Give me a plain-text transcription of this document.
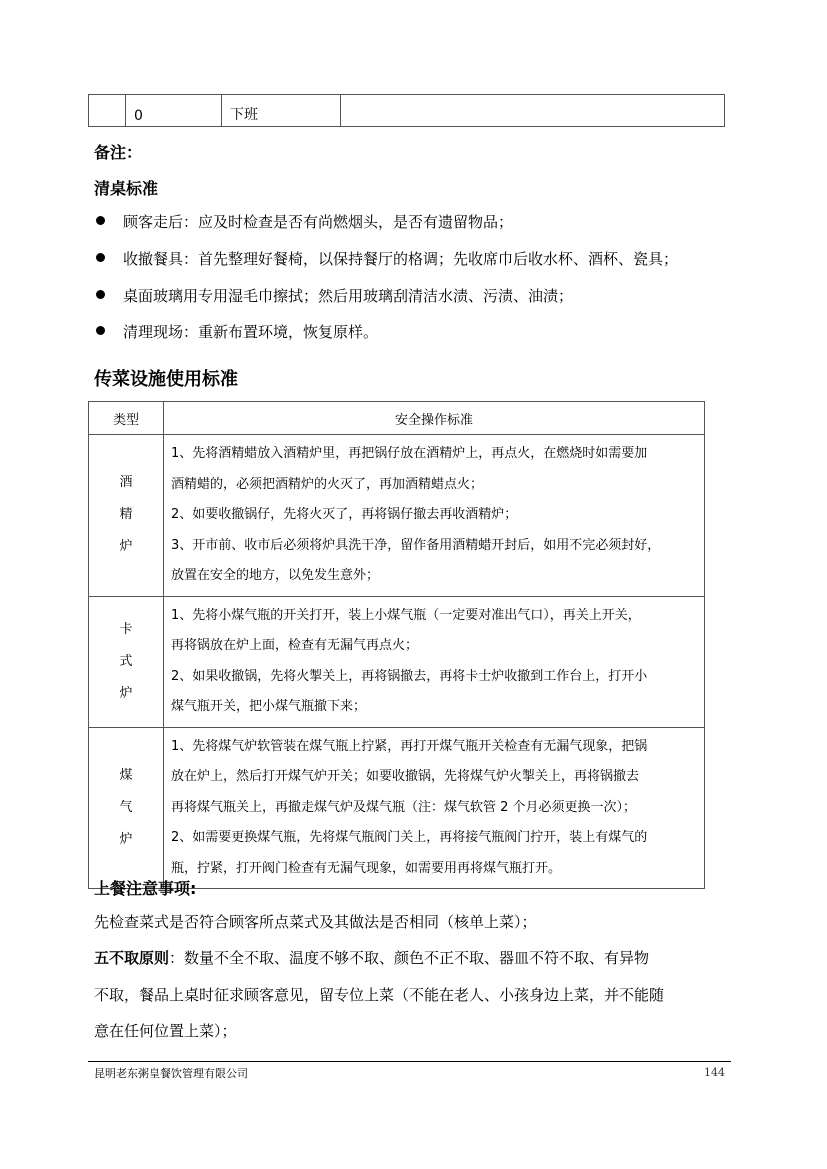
	0	下班	
备注：
清桌标准
顾客走后：应及时检查是否有尚燃烟头，是否有遗留物品；
收撤餐具：首先整理好餐椅，以保持餐厅的格调；先收席巾后收水杯、酒杯、瓷具；
桌面玻璃用专用湿毛巾擦拭；然后用玻璃刮清洁水渍、污渍、油渍；
清理现场：重新布置环境，恢复原样。
传菜设施使用标准
类型	安全操作标准

酒
精
炉	1、先将酒精蜡放入酒精炉里，再把锅仔放在酒精炉上，再点火，在燃烧时如需要加
酒精蜡的，必须把酒精炉的火灭了，再加酒精蜡点火；
2、如要收撤锅仔，先将火灭了，再将锅仔撤去再收酒精炉；
3、开市前、收市后必须将炉具洗干净，留作备用酒精蜡开封后，如用不完必须封好，
放置在安全的地方，以免发生意外；

卡
式
炉	1、先将小煤气瓶的开关打开，装上小煤气瓶（一定要对准出气口），再关上开关，
再将锅放在炉上面，检查有无漏气再点火；
2、如果收撤锅，先将火掣关上，再将锅撤去，再将卡士炉收撤到工作台上，打开小
煤气瓶开关，把小煤气瓶撤下来；

煤
气
炉	1、先将煤气炉软管装在煤气瓶上拧紧，再打开煤气瓶开关检查有无漏气现象，把锅
放在炉上，然后打开煤气炉开关；如要收撤锅，先将煤气炉火掣关上，再将锅撤去
再将煤气瓶关上，再撤走煤气炉及煤气瓶（注：煤气软管 2 个月必须更换一次）；
2、如需要更换煤气瓶，先将煤气瓶阀门关上，再将接气瓶阀门拧开，装上有煤气的
瓶，拧紧，打开阀门检查有无漏气现象，如需要用再将煤气瓶打开。
上餐注意事项:
先检查菜式是否符合顾客所点菜式及其做法是否相同（核单上菜）；
五不取原则：数量不全不取、温度不够不取、颜色不正不取、器皿不符不取、有异物
不取，餐品上桌时征求顾客意见，留专位上菜（不能在老人、小孩身边上菜，并不能随
意在任何位置上菜）；
昆明老东粥皇餐饮管理有限公司	144
